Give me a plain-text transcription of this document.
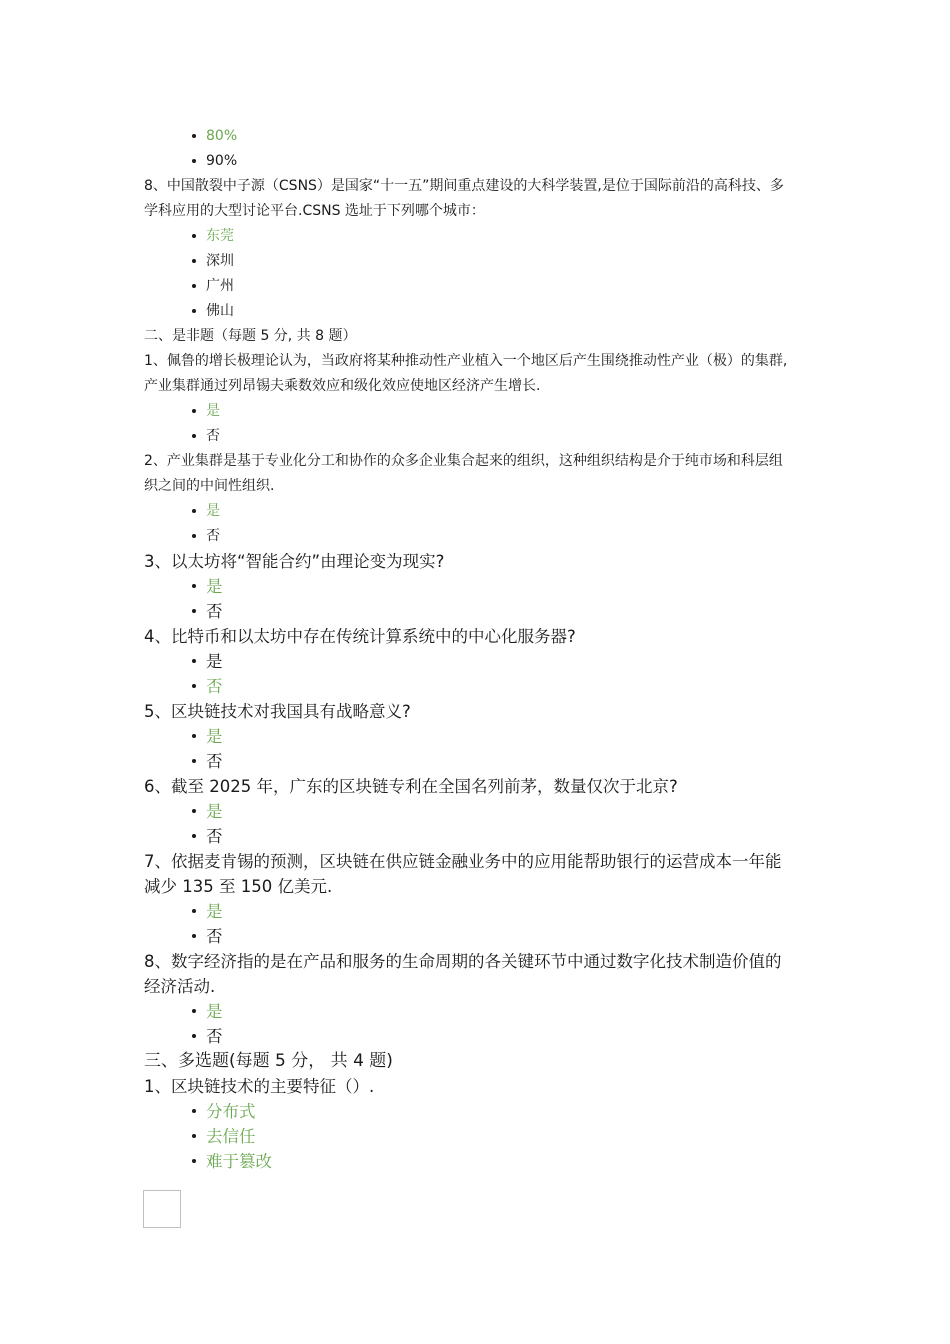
80%
90%

8、中国散裂中子源（CSNS）是国家“十一五”期间重点建设的大科学装置,是位于国际前沿的高科技、多

学科应用的大型讨论平台.CSNS 选址于下列哪个城市：

东莞
深圳
广州
佛山

二、是非题（每题 5 分, 共 8 题）

1、佩鲁的增长极理论认为，当政府将某种推动性产业植入一个地区后产生围绕推动性产业（极）的集群,

产业集群通过列昂锡夫乘数效应和级化效应使地区经济产生增长.

是
否

2、产业集群是基于专业化分工和协作的众多企业集合起来的组织，这种组织结构是介于纯市场和科层组

织之间的中间性组织.

是
否

3、以太坊将“智能合约”由理论变为现实?

是
否

4、比特币和以太坊中存在传统计算系统中的中心化服务器?

是
否

5、区块链技术对我国具有战略意义?

是
否

6、截至 2025 年，广东的区块链专利在全国名列前茅，数量仅次于北京?

是
否

7、依据麦肯锡的预测，区块链在供应链金融业务中的应用能帮助银行的运营成本一年能

减少 135 至 150 亿美元.

是
否

8、数字经济指的是在产品和服务的生命周期的各关键环节中通过数字化技术制造价值的

经济活动.

是
否

三、多选题(每题 5 分， 共 4 题)

1、区块链技术的主要特征（）.

分布式
去信任
难于篡改
